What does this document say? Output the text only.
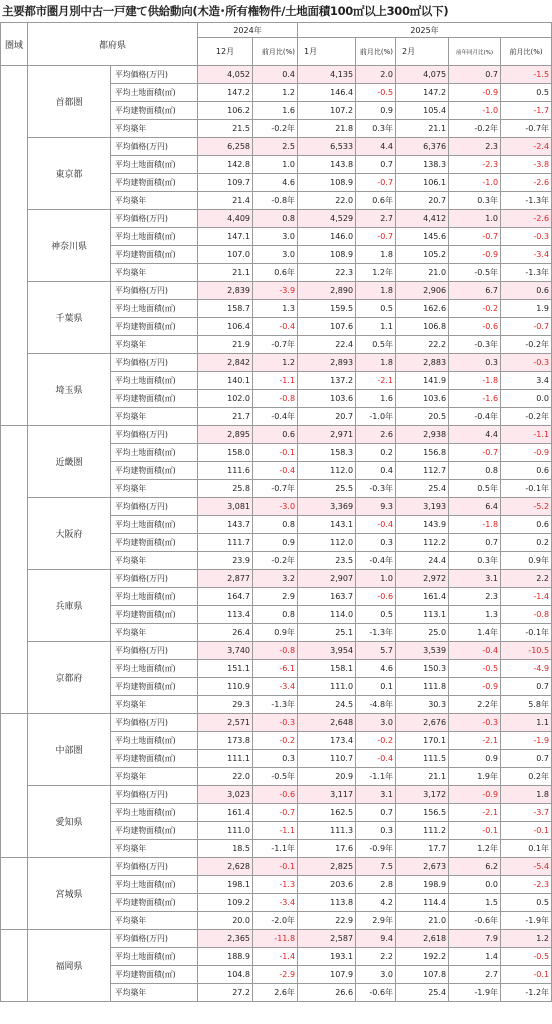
主要都市圏月別中古一戸建て供給動向(木造･所有権物件/土地面積100㎡以上300㎡以下)
圏域	都府県		2024年		2025年				
			12月	前月比(%)	1月	前月比(%)	2月	前年同月比(%)	前月比(%)
	首都圏	平均価格(万円)	4,052	0.4	4,135	2.0	4,075	0.7	-1.5
		平均土地面積(㎡)	147.2	1.2	146.4	-0.5	147.2	-0.9	0.5
		平均建物面積(㎡)	106.2	1.6	107.2	0.9	105.4	-1.0	-1.7
		平均築年	21.5	-0.2年	21.8	0.3年	21.1	-0.2年	-0.7年
	東京都	平均価格(万円)	6,258	2.5	6,533	4.4	6,376	2.3	-2.4
		平均土地面積(㎡)	142.8	1.0	143.8	0.7	138.3	-2.3	-3.8
		平均建物面積(㎡)	109.7	4.6	108.9	-0.7	106.1	-1.0	-2.6
		平均築年	21.4	-0.8年	22.0	0.6年	20.7	0.3年	-1.3年
	神奈川県	平均価格(万円)	4,409	0.8	4,529	2.7	4,412	1.0	-2.6
		平均土地面積(㎡)	147.1	3.0	146.0	-0.7	145.6	-0.7	-0.3
		平均建物面積(㎡)	107.0	3.0	108.9	1.8	105.2	-0.9	-3.4
		平均築年	21.1	0.6年	22.3	1.2年	21.0	-0.5年	-1.3年
	千葉県	平均価格(万円)	2,839	-3.9	2,890	1.8	2,906	6.7	0.6
		平均土地面積(㎡)	158.7	1.3	159.5	0.5	162.6	-0.2	1.9
		平均建物面積(㎡)	106.4	-0.4	107.6	1.1	106.8	-0.6	-0.7
		平均築年	21.9	-0.7年	22.4	0.5年	22.2	-0.3年	-0.2年
	埼玉県	平均価格(万円)	2,842	1.2	2,893	1.8	2,883	0.3	-0.3
		平均土地面積(㎡)	140.1	-1.1	137.2	-2.1	141.9	-1.8	3.4
		平均建物面積(㎡)	102.0	-0.8	103.6	1.6	103.6	-1.6	0.0
		平均築年	21.7	-0.4年	20.7	-1.0年	20.5	-0.4年	-0.2年
	近畿圏	平均価格(万円)	2,895	0.6	2,971	2.6	2,938	4.4	-1.1
		平均土地面積(㎡)	158.0	-0.1	158.3	0.2	156.8	-0.7	-0.9
		平均建物面積(㎡)	111.6	-0.4	112.0	0.4	112.7	0.8	0.6
		平均築年	25.8	-0.7年	25.5	-0.3年	25.4	0.5年	-0.1年
	大阪府	平均価格(万円)	3,081	-3.0	3,369	9.3	3,193	6.4	-5.2
		平均土地面積(㎡)	143.7	0.8	143.1	-0.4	143.9	-1.8	0.6
		平均建物面積(㎡)	111.7	0.9	112.0	0.3	112.2	0.7	0.2
		平均築年	23.9	-0.2年	23.5	-0.4年	24.4	0.3年	0.9年
	兵庫県	平均価格(万円)	2,877	3.2	2,907	1.0	2,972	3.1	2.2
		平均土地面積(㎡)	164.7	2.9	163.7	-0.6	161.4	2.3	-1.4
		平均建物面積(㎡)	113.4	0.8	114.0	0.5	113.1	1.3	-0.8
		平均築年	26.4	0.9年	25.1	-1.3年	25.0	1.4年	-0.1年
	京都府	平均価格(万円)	3,740	-0.8	3,954	5.7	3,539	-0.4	-10.5
		平均土地面積(㎡)	151.1	-6.1	158.1	4.6	150.3	-0.5	-4.9
		平均建物面積(㎡)	110.9	-3.4	111.0	0.1	111.8	-0.9	0.7
		平均築年	29.3	-1.3年	24.5	-4.8年	30.3	2.2年	5.8年
	中部圏	平均価格(万円)	2,571	-0.3	2,648	3.0	2,676	-0.3	1.1
		平均土地面積(㎡)	173.8	-0.2	173.4	-0.2	170.1	-2.1	-1.9
		平均建物面積(㎡)	111.1	0.3	110.7	-0.4	111.5	0.9	0.7
		平均築年	22.0	-0.5年	20.9	-1.1年	21.1	1.9年	0.2年
	愛知県	平均価格(万円)	3,023	-0.6	3,117	3.1	3,172	-0.9	1.8
		平均土地面積(㎡)	161.4	-0.7	162.5	0.7	156.5	-2.1	-3.7
		平均建物面積(㎡)	111.0	-1.1	111.3	0.3	111.2	-0.1	-0.1
		平均築年	18.5	-1.1年	17.6	-0.9年	17.7	1.2年	0.1年
	宮城県	平均価格(万円)	2,628	-0.1	2,825	7.5	2,673	6.2	-5.4
		平均土地面積(㎡)	198.1	-1.3	203.6	2.8	198.9	0.0	-2.3
		平均建物面積(㎡)	109.2	-3.4	113.8	4.2	114.4	1.5	0.5
		平均築年	20.0	-2.0年	22.9	2.9年	21.0	-0.6年	-1.9年
	福岡県	平均価格(万円)	2,365	-11.8	2,587	9.4	2,618	7.9	1.2
		平均土地面積(㎡)	188.9	-1.4	193.1	2.2	192.2	1.4	-0.5
		平均建物面積(㎡)	104.8	-2.9	107.9	3.0	107.8	2.7	-0.1
		平均築年	27.2	2.6年	26.6	-0.6年	25.4	-1.9年	-1.2年
